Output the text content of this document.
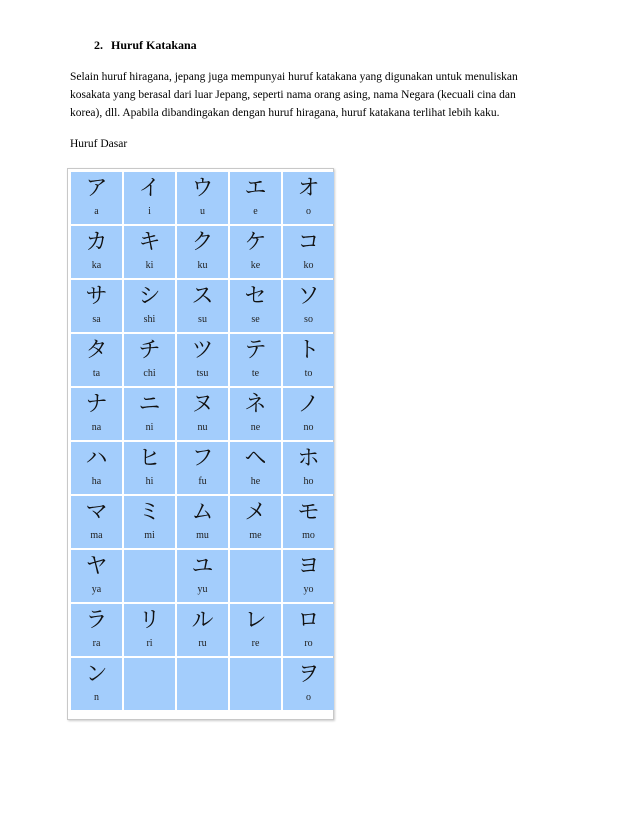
2. Huruf Katakana

Selain huruf hiragana, jepang juga mempunyai huruf katakana yang digunakan untuk menuliskan
kosakata yang berasal dari luar Jepang, seperti nama orang asing, nama Negara (kecuali cina dan
korea), dll. Apabila dibandingakan dengan huruf hiragana, huruf katakana terlihat lebih kaku.

Huruf Dasar

ア
a
イ
i
ウ
u
エ
e
オ
o
カ
ka
キ
ki
ク
ku
ケ
ke
コ
ko
サ
sa
シ
shi
ス
su
セ
se
ソ
so
タ
ta
チ
chi
ツ
tsu
テ
te
ト
to
ナ
na
ニ
ni
ヌ
nu
ネ
ne
ノ
no
ハ
ha
ヒ
hi
フ
fu
ヘ
he
ホ
ho
マ
ma
ミ
mi
ム
mu
メ
me
モ
mo
ヤ
ya
ユ
yu
ヨ
yo
ラ
ra
リ
ri
ル
ru
レ
re
ロ
ro
ン
n
ヲ
o
